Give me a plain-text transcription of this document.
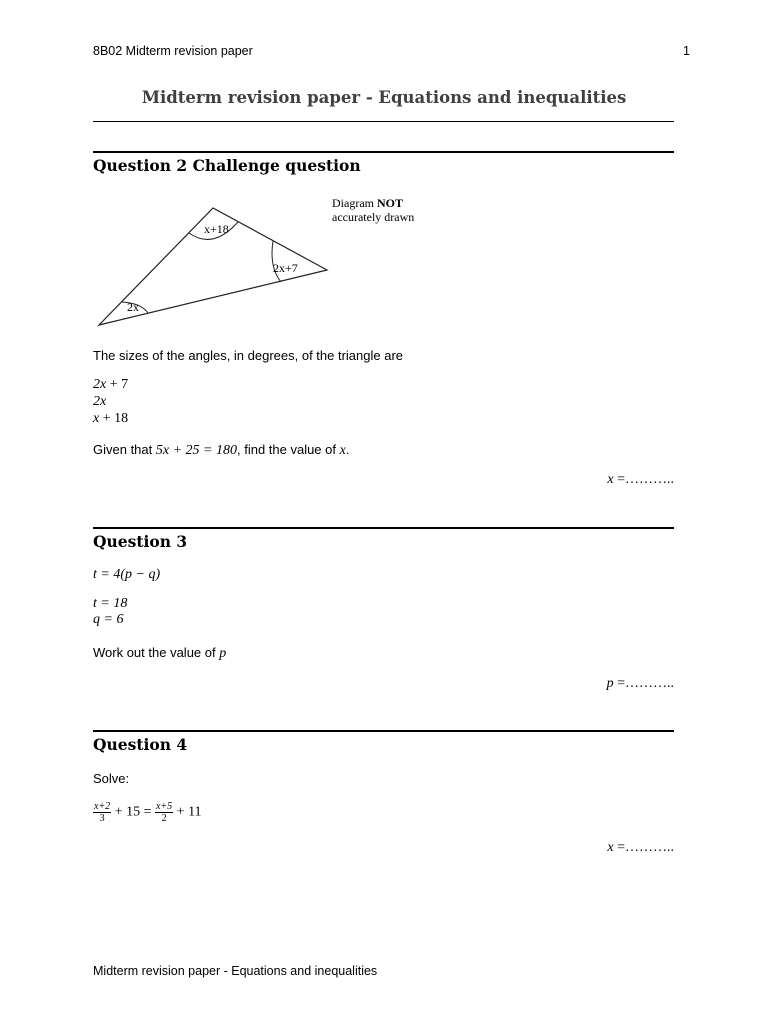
8B02 Midterm revision paper	1
Midterm revision paper - Equations and inequalities
Question 2 Challenge question
x+18
2x+7
2x
Diagram NOT
accurately drawn
The sizes of the angles, in degrees, of the triangle are
2x + 7
2x
x + 18
Given that 5x + 25 = 180, find the value of x.
x =………..
Question 3
t = 4(p − q)
t = 18
q = 6
Work out the value of p
p =………..
Question 4
Solve:
$\frac{x+2}{3} + 15 = \frac{x+5}{2} + 11$
x =………..
Midterm revision paper - Equations and inequalities
